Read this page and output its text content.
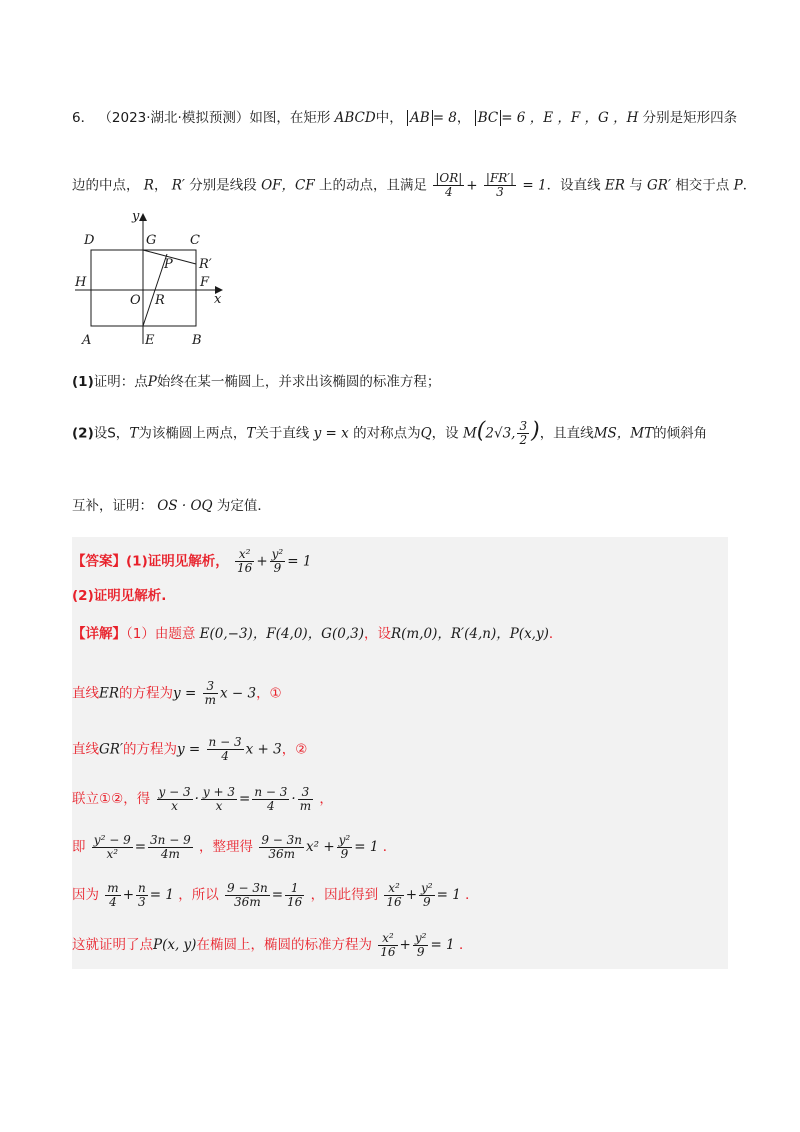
6． （2023·湖北·模拟预测）如图，在矩形 ABCD中， AB = 8， BC = 6 ，E ，F ，G ，H 分别是矩形四条
边的中点， R， R′ 分别是线段 OF，CF 上的动点，且满足 $\frac{|OR|}{4} + \frac{|FR'|}{3} = 1$．设直线 ER 与 GR′ 相交于点 P．
y
x
D	G	C
P R′
H	F
O R
A	E	B
(1)证明：点P始终在某一椭圆上，并求出该椭圆的标准方程；
(2)设S，T为该椭圆上两点，T关于直线 y = x 的对称点为Q，设 M(2√3, $\frac{3}{2}$ )，且直线MS，MT的倾斜角
互补，证明： OS · OQ 为定值．
【答案】(1)证明见解析， $\frac{\text{x²}}{16} + \frac{\text{y²}}{9} = 1$
(2)证明见解析.
【详解】（1）由题意 E(0,−3)，F(4,0)，G(0,3)，设R(m,0)，R′(4,n)，P(x,y)．
直线ER的方程为$y = \frac{3}{m}$ x − 3，①
直线GR′的方程为$y = \frac{n - 3}{4}$ x + 3，②
联立①②，得 $\frac{y - 3}{x} \cdot \frac{y + 3}{x} = \frac{n - 3}{4} \cdot \frac{3}{m}$ ，
即 $\frac{\text{y² − 9}}{\text{x²}} = \frac{3n - 9}{4m}$ ，整理得 $\frac{9 - 3n}{36m} x^2 + \frac{\text{y²}}{9} = 1$ ．
因为 $\frac{m}{4} + \frac{n}{3} = 1$ ，所以 $\frac{9 - 3n}{36m} = \frac{1}{16}$ ，因此得到 $\frac{\text{x²}}{16} + \frac{\text{y²}}{9} = 1$ ．
这就证明了点P(x, y)在椭圆上，椭圆的标准方程为 $\frac{\text{x²}}{16} + \frac{\text{y²}}{9} = 1$ ．
